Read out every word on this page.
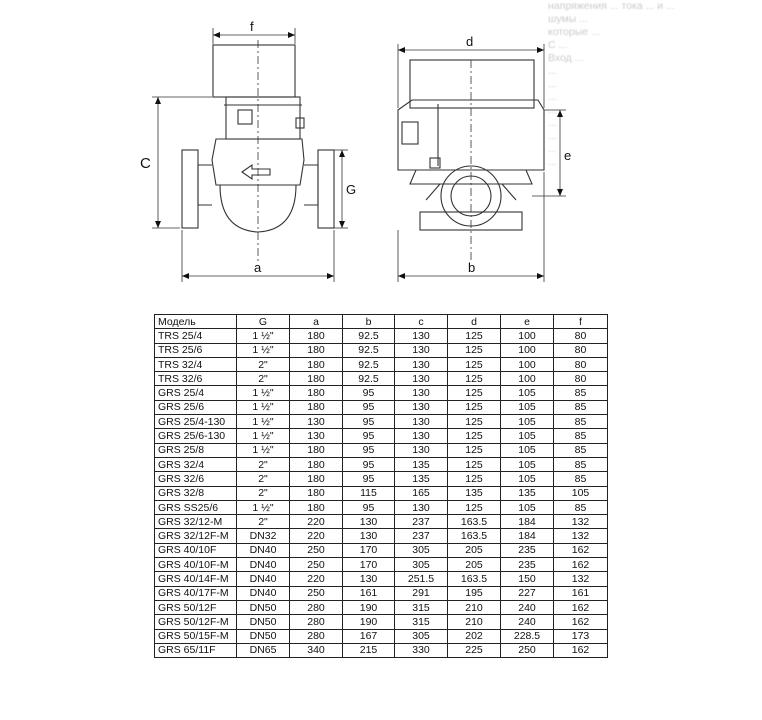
напряжения ... тока ... и ...
шумы ...
которые ...
С ...
Вход ...
...
...
...
...
...
...
...
...
f
C
G
a
d
e
b
Модель	G	a	b	c	d	e	f
TRS 25/4	1 ½"	180	92.5	130	125	100	80
TRS 25/6	1 ½"	180	92.5	130	125	100	80
TRS 32/4	2"	180	92.5	130	125	100	80
TRS 32/6	2"	180	92.5	130	125	100	80
GRS 25/4	1 ½"	180	95	130	125	105	85
GRS 25/6	1 ½"	180	95	130	125	105	85
GRS 25/4-130	1 ½"	130	95	130	125	105	85
GRS 25/6-130	1 ½"	130	95	130	125	105	85
GRS 25/8	1 ½"	180	95	130	125	105	85
GRS 32/4	2"	180	95	135	125	105	85
GRS 32/6	2"	180	95	135	125	105	85
GRS 32/8	2"	180	115	165	135	135	105
GRS SS25/6	1 ½"	180	95	130	125	105	85
GRS 32/12-M	2"	220	130	237	163.5	184	132
GRS 32/12F-M	DN32	220	130	237	163.5	184	132
GRS 40/10F	DN40	250	170	305	205	235	162
GRS 40/10F-M	DN40	250	170	305	205	235	162
GRS 40/14F-M	DN40	220	130	251.5	163.5	150	132
GRS 40/17F-M	DN40	250	161	291	195	227	161
GRS 50/12F	DN50	280	190	315	210	240	162
GRS 50/12F-M	DN50	280	190	315	210	240	162
GRS 50/15F-M	DN50	280	167	305	202	228.5	173
GRS 65/11F	DN65	340	215	330	225	250	162
